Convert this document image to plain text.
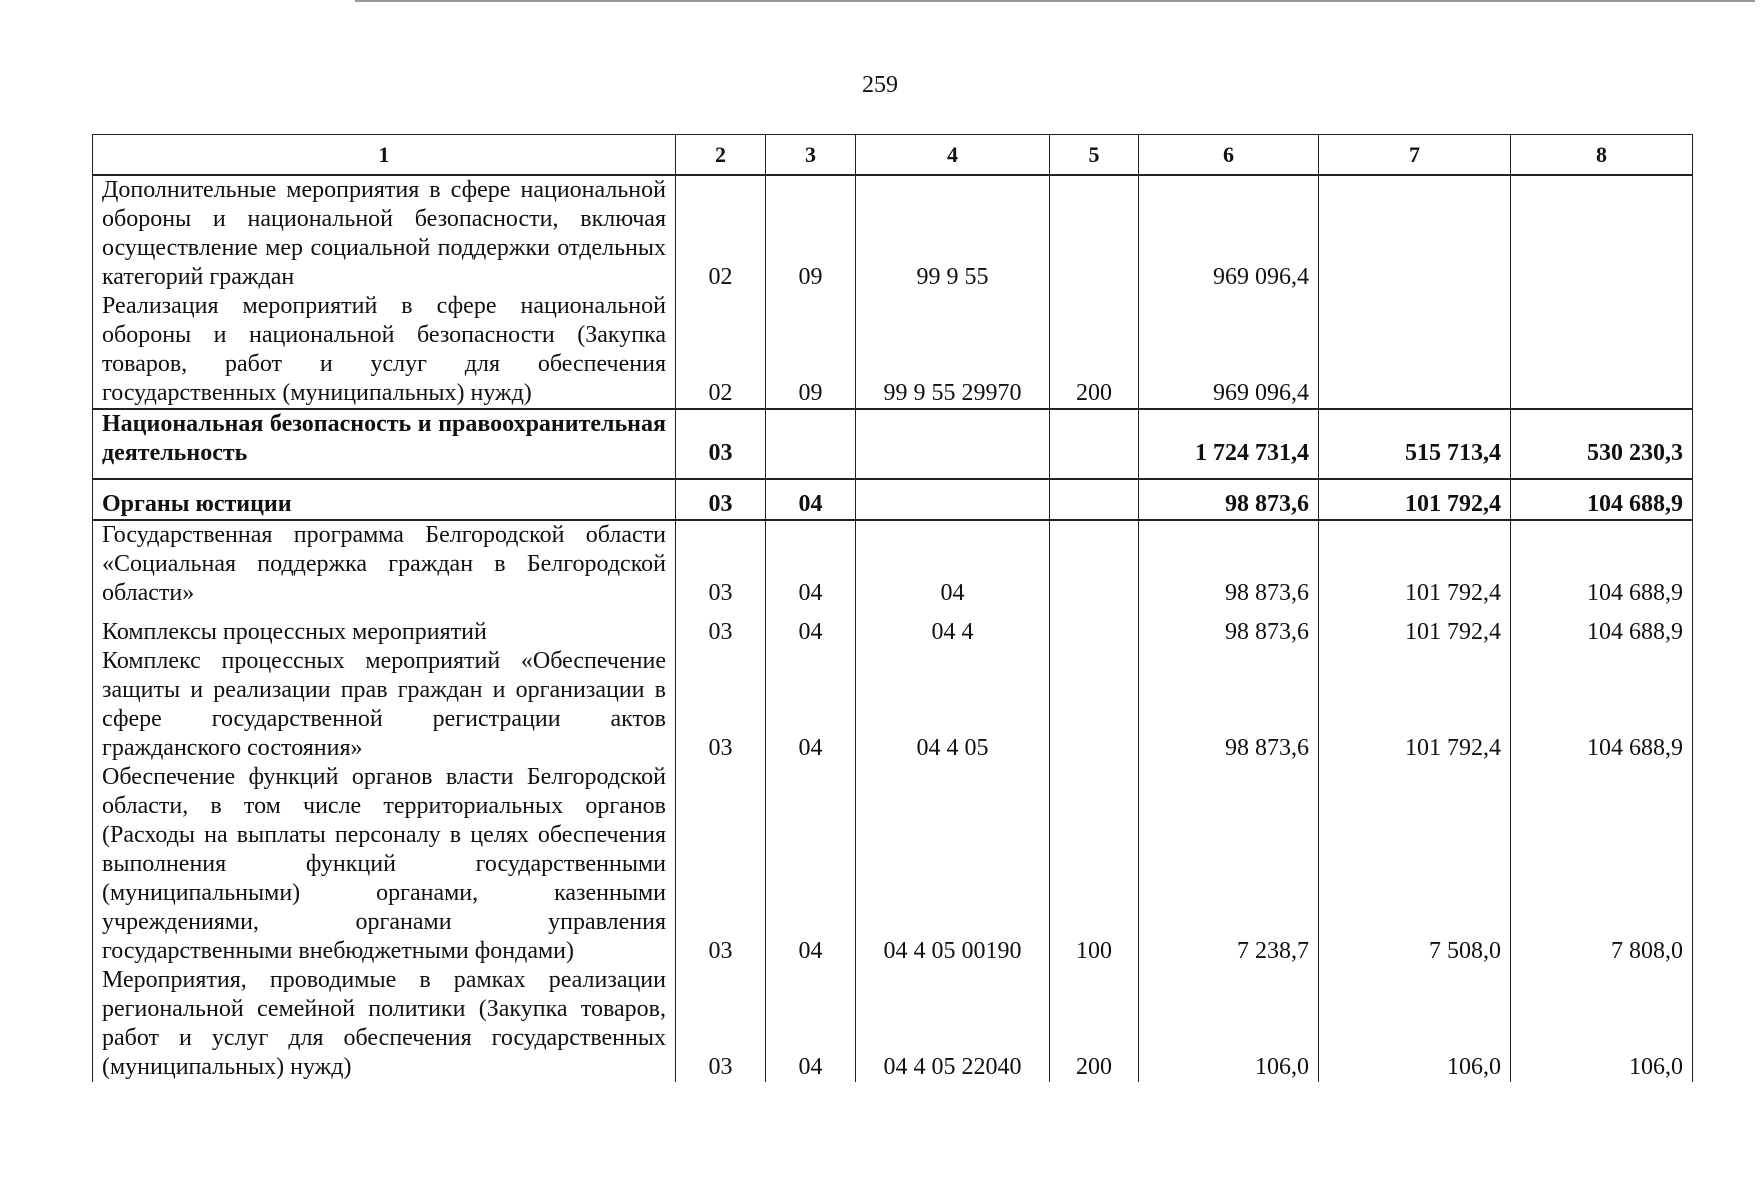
259
1	2	3	4	5	6	7	8
Дополнительные мероприятия в сфере национальной обороны и национальной безопасности, включая осуществление мер социальной поддержки отдельных категорий граждан	02	09	99 9 55		969 096,4		
Реализация мероприятий в сфере национальной обороны и национальной безопасности (Закупка товаров, работ и услуг для обеспечения государственных (муниципальных) нужд)	02	09	99 9 55 29970	200	969 096,4		
Национальная безопасность и правоохранительная деятельность	03				1 724 731,4	515 713,4	530 230,3
Органы юстиции	03	04			98 873,6	101 792,4	104 688,9
Государственная программа Белгородской области «Социальная поддержка граждан в Белгородской области»	03	04	04		98 873,6	101 792,4	104 688,9
Комплексы процессных мероприятий	03	04	04 4		98 873,6	101 792,4	104 688,9
Комплекс процессных мероприятий «Обеспечение защиты и реализации прав граждан и организации в сфере государственной регистрации актов гражданского состояния»	03	04	04 4 05		98 873,6	101 792,4	104 688,9
Обеспечение функций органов власти Белгородской области, в том числе территориальных органов (Расходы на выплаты персоналу в целях обеспечения выполнения функций государственными (муниципальными) органами, казенными учреждениями, органами управления государственными внебюджетными фондами)	03	04	04 4 05 00190	100	7 238,7	7 508,0	7 808,0
Мероприятия, проводимые в рамках реализации региональной семейной политики (Закупка товаров, работ и услуг для обеспечения государственных (муниципальных) нужд)	03	04	04 4 05 22040	200	106,0	106,0	106,0
